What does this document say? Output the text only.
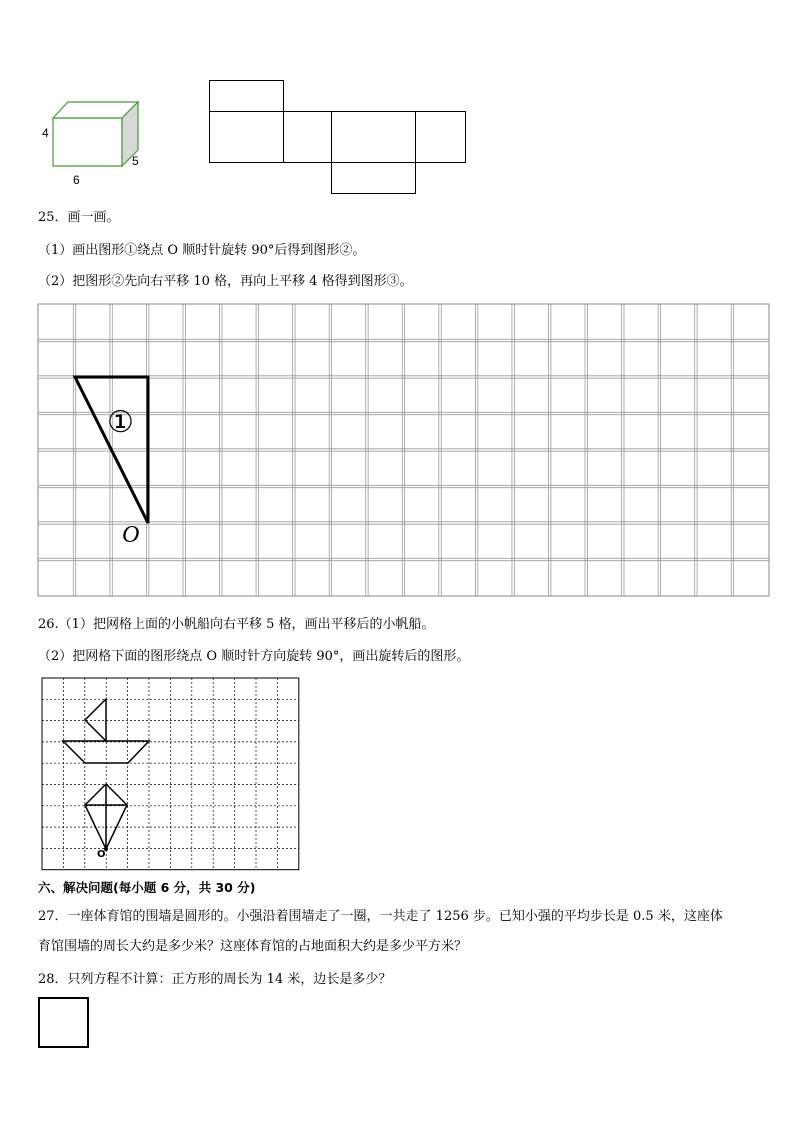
4
6
5
25．画一画。
（1）画出图形①绕点 O 顺时针旋转 90°后得到图形②。
（2）把图形②先向右平移 10 格，再向上平移 4 格得到图形③。
①
O
26.（1）把网格上面的小帆船向右平移 5 格，画出平移后的小帆船。
（2）把网格下面的图形绕点 O 顺时针方向旋转 90°，画出旋转后的图形。
O
六、解决问题(每小题 6 分，共 30 分)
27．一座体育馆的围墙是圆形的。小强沿着围墙走了一圈，一共走了 1256 步。已知小强的平均步长是 0.5 米，这座体
育馆围墙的周长大约是多少米？这座体育馆的占地面积大约是多少平方米？
28．只列方程不计算：正方形的周长为 14 米，边长是多少？
